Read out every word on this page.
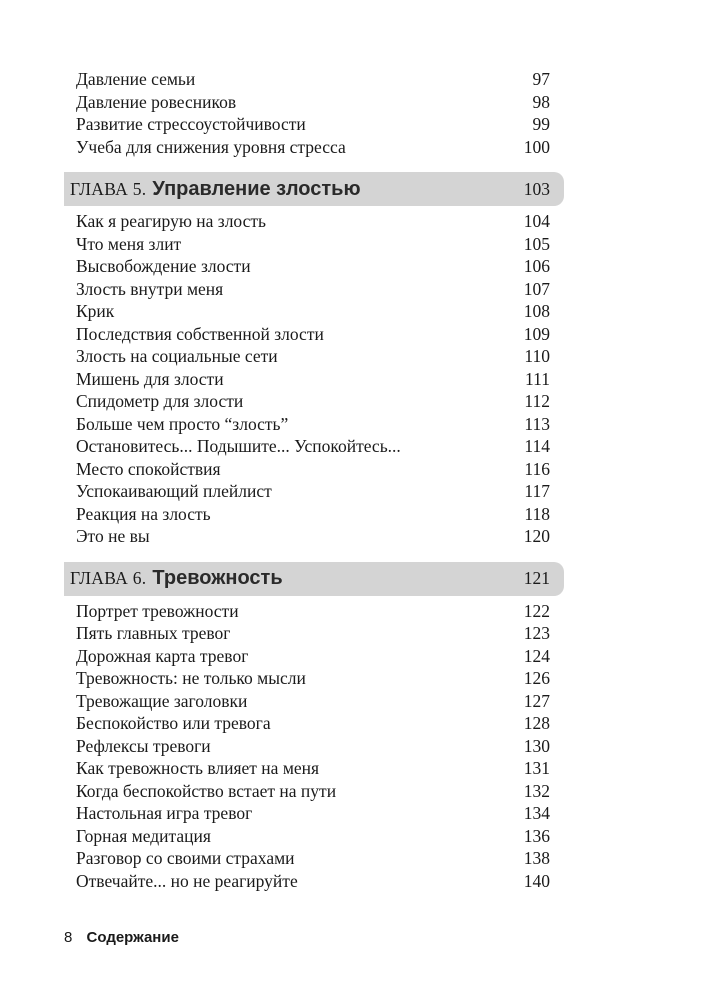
Давление семьи	97
Давление ровесников	98
Развитие стрессоустойчивости	99
Учеба для снижения уровня стресса	100
ГЛАВА 5. Управление злостью	103
Как я реагирую на злость	104
Что меня злит	105
Высвобождение злости	106
Злость внутри меня	107
Крик	108
Последствия собственной злости	109
Злость на социальные сети	110
Мишень для злости	111
Спидометр для злости	112
Больше чем просто “злость”	113
Остановитесь... Подышите... Успокойтесь...	114
Место спокойствия	116
Успокаивающий плейлист	117
Реакция на злость	118
Это не вы	120
ГЛАВА 6. Тревожность	121
Портрет тревожности	122
Пять главных тревог	123
Дорожная карта тревог	124
Тревожность: не только мысли	126
Тревожащие заголовки	127
Беспокойство или тревога	128
Рефлексы тревоги	130
Как тревожность влияет на меня	131
Когда беспокойство встает на пути	132
Настольная игра тревог	134
Горная медитация	136
Разговор со своими страхами	138
Отвечайте... но не реагируйте	140
8 Содержание
